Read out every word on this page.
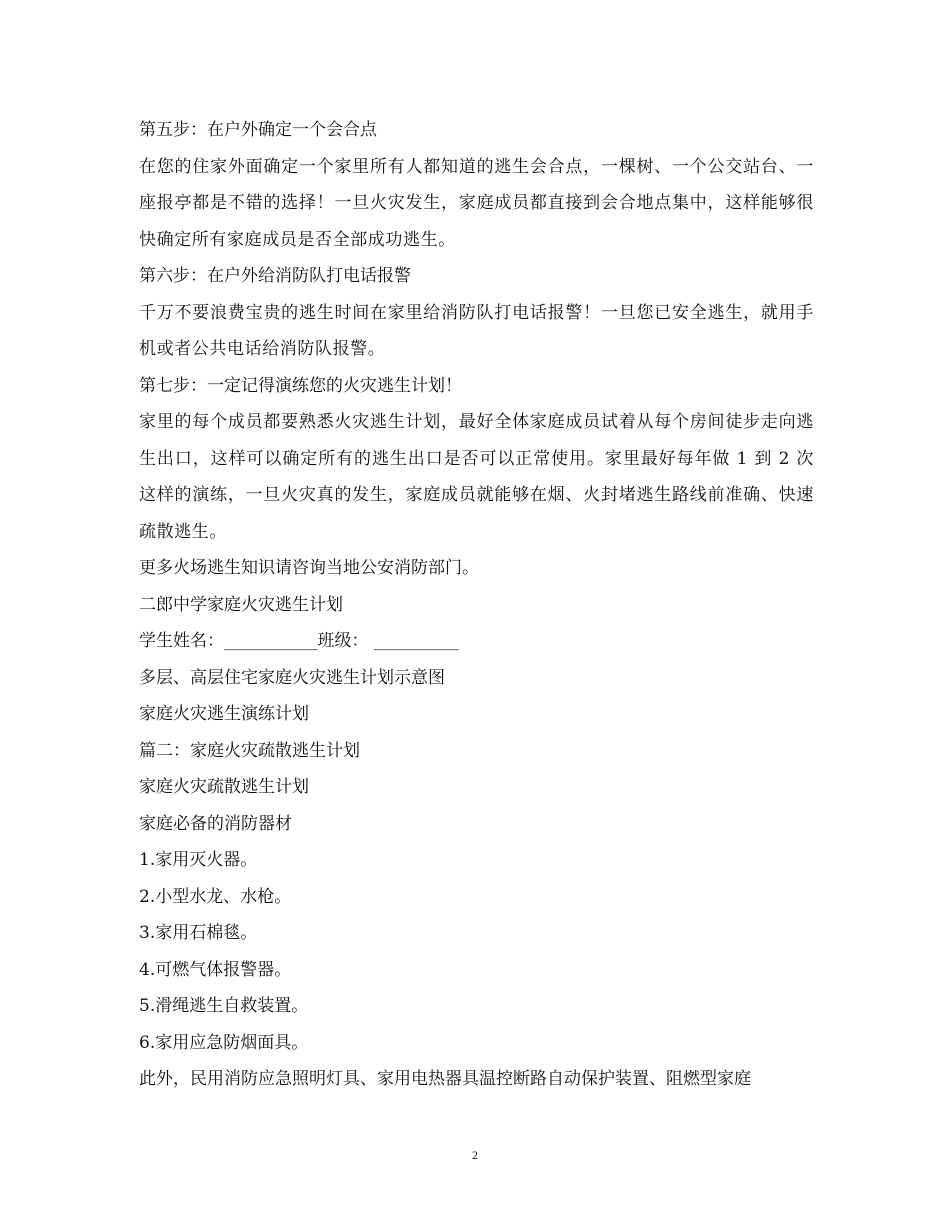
第五步：在户外确定一个会合点
在您的住家外面确定一个家里所有人都知道的逃生会合点，一棵树、一个公交站台、一座报亭都是不错的选择！一旦火灾发生，家庭成员都直接到会合地点集中，这样能够很快确定所有家庭成员是否全部成功逃生。
第六步：在户外给消防队打电话报警
千万不要浪费宝贵的逃生时间在家里给消防队打电话报警！一旦您已安全逃生，就用手机或者公共电话给消防队报警。
第七步：一定记得演练您的火灾逃生计划！
家里的每个成员都要熟悉火灾逃生计划，最好全体家庭成员试着从每个房间徒步走向逃生出口，这样可以确定所有的逃生出口是否可以正常使用。家里最好每年做 1 到 2 次这样的演练，一旦火灾真的发生，家庭成员就能够在烟、火封堵逃生路线前准确、快速疏散逃生。
更多火场逃生知识请咨询当地公安消防部门。
二郎中学家庭火灾逃生计划
学生姓名：___________班级： __________
多层、高层住宅家庭火灾逃生计划示意图
家庭火灾逃生演练计划
篇二：家庭火灾疏散逃生计划
家庭火灾疏散逃生计划
家庭必备的消防器材
1.家用灭火器。
2.小型水龙、水枪。
3.家用石棉毯。
4.可燃气体报警器。
5.滑绳逃生自救装置。
6.家用应急防烟面具。
此外，民用消防应急照明灯具、家用电热器具温控断路自动保护装置、阻燃型家庭
2
